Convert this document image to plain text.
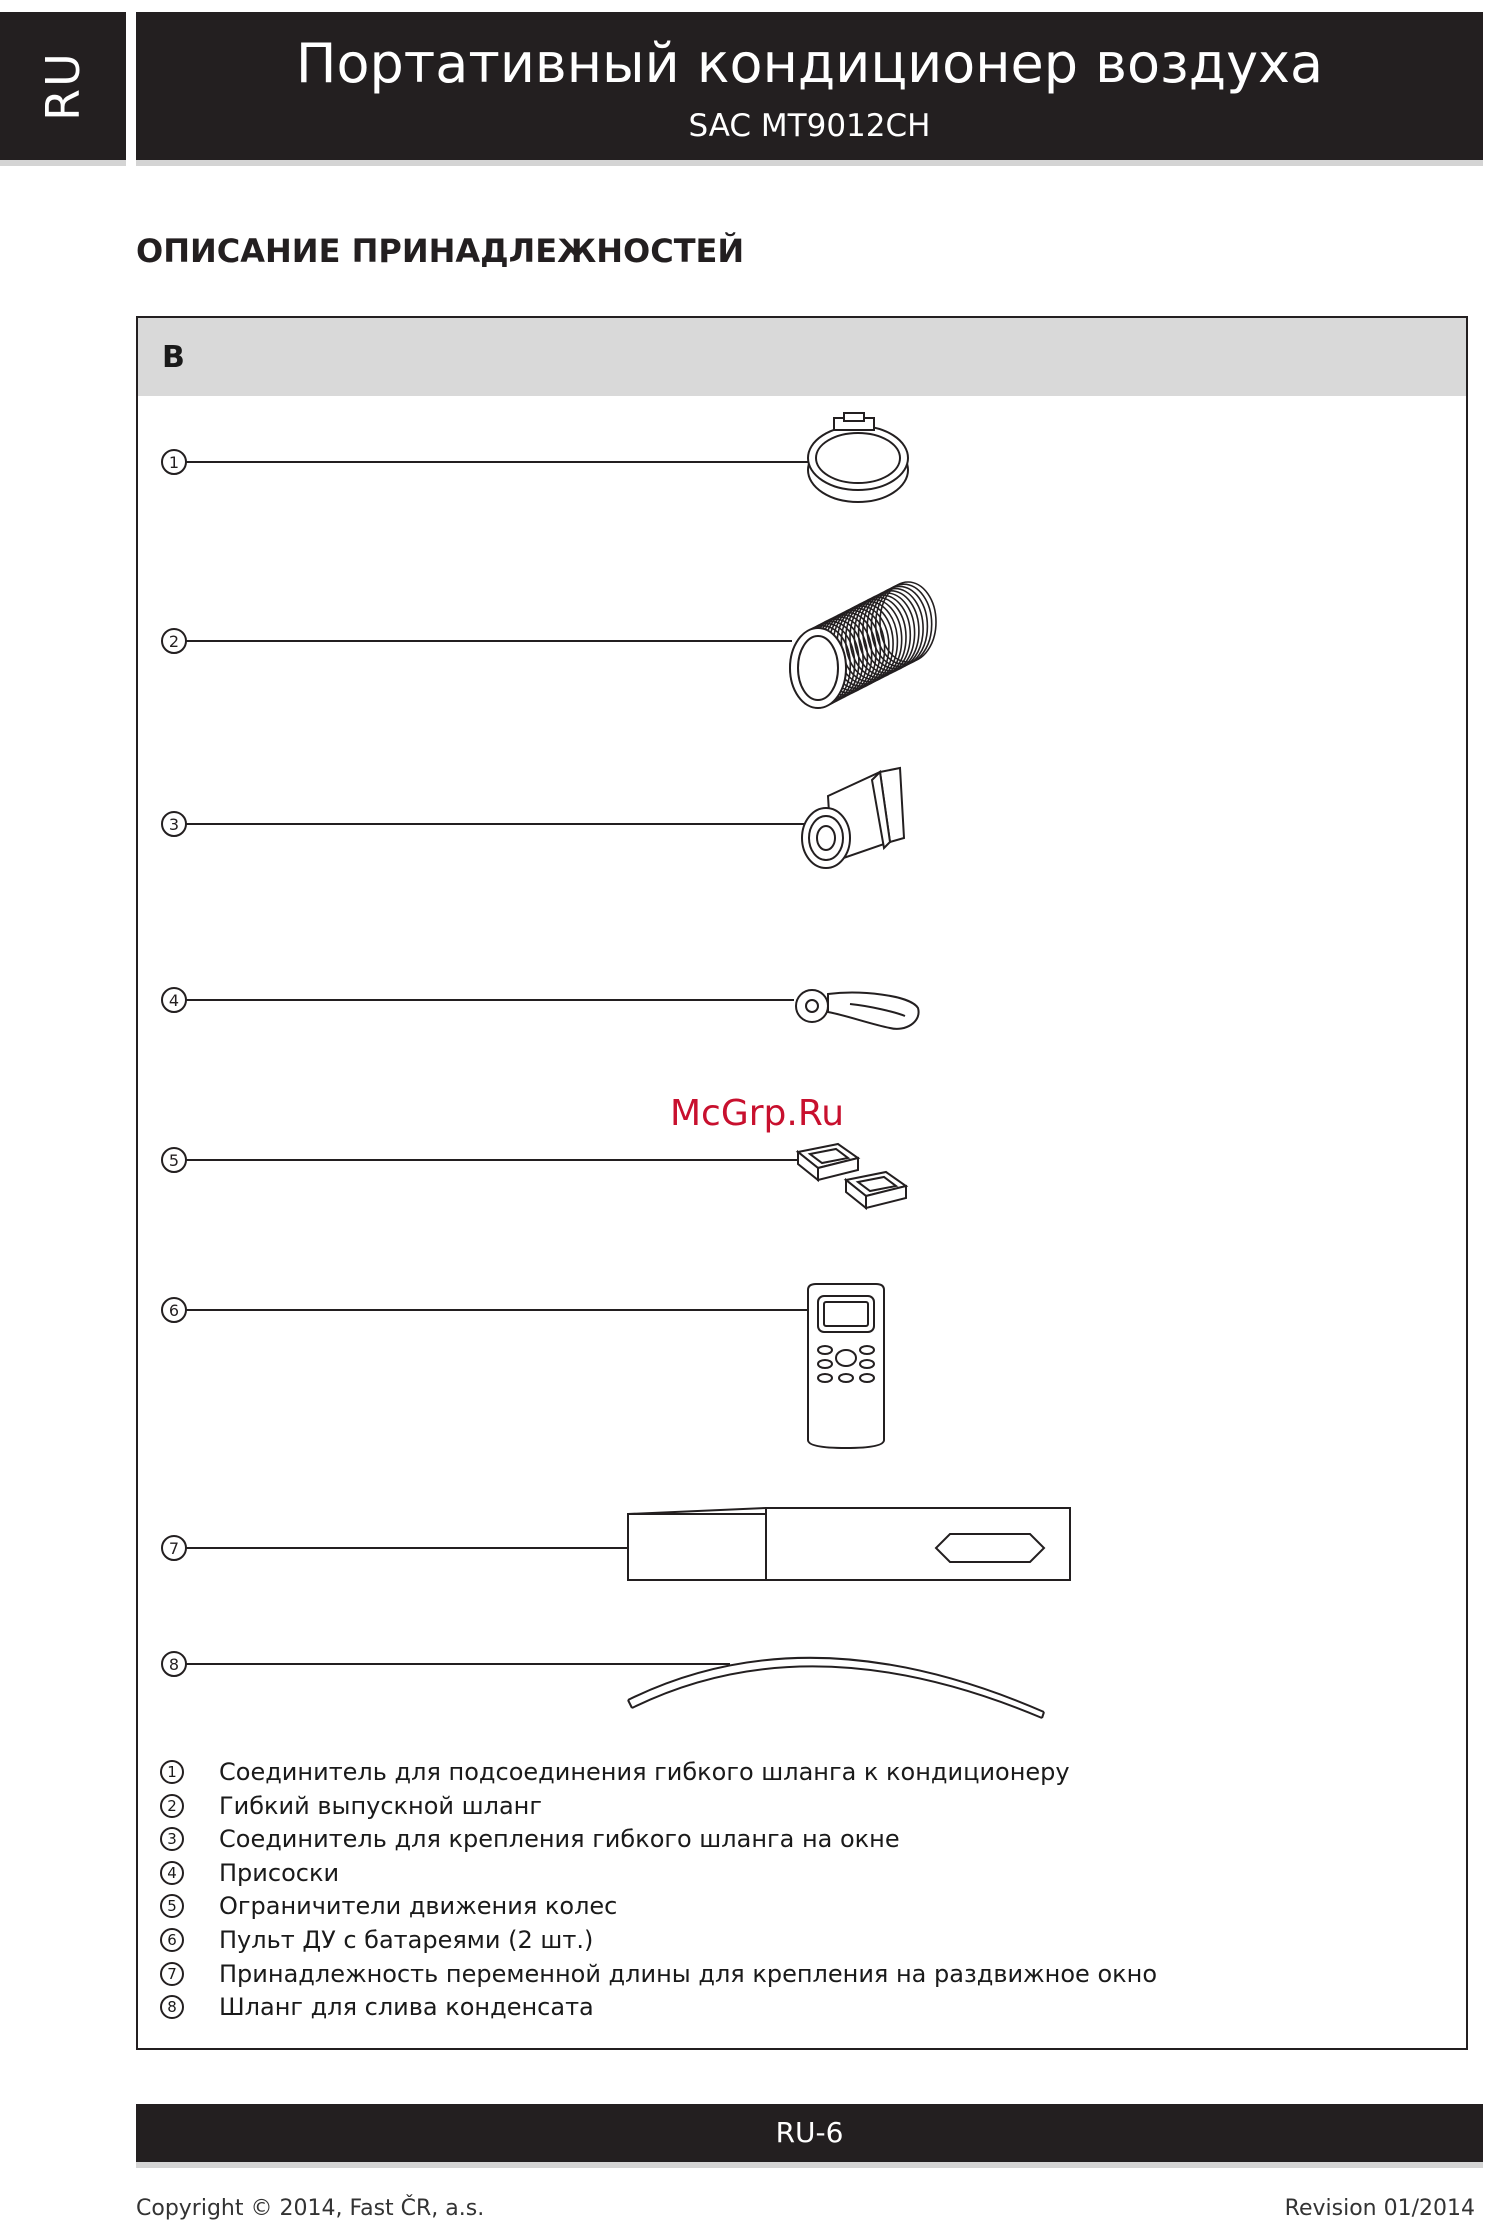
RU	Портативный кондиционер воздуха
SAC MT9012CH
ОПИСАНИЕ ПРИНАДЛЕЖНОСТЕЙ
B
1
2
3
4
5
6
7
8
McGrp.Ru
1	Соединитель для подсоединения гибкого шланга к кондиционеру
2	Гибкий выпускной шланг
3	Соединитель для крепления гибкого шланга на окне
4	Присоски
5	Ограничители движения колес
6	Пульт ДУ с батареями (2 шт.)
7	Принадлежность переменной длины для крепления на раздвижное окно
8	Шланг для слива конденсата
RU-6
Copyright © 2014, Fast ČR, a.s.	Revision 01/2014
